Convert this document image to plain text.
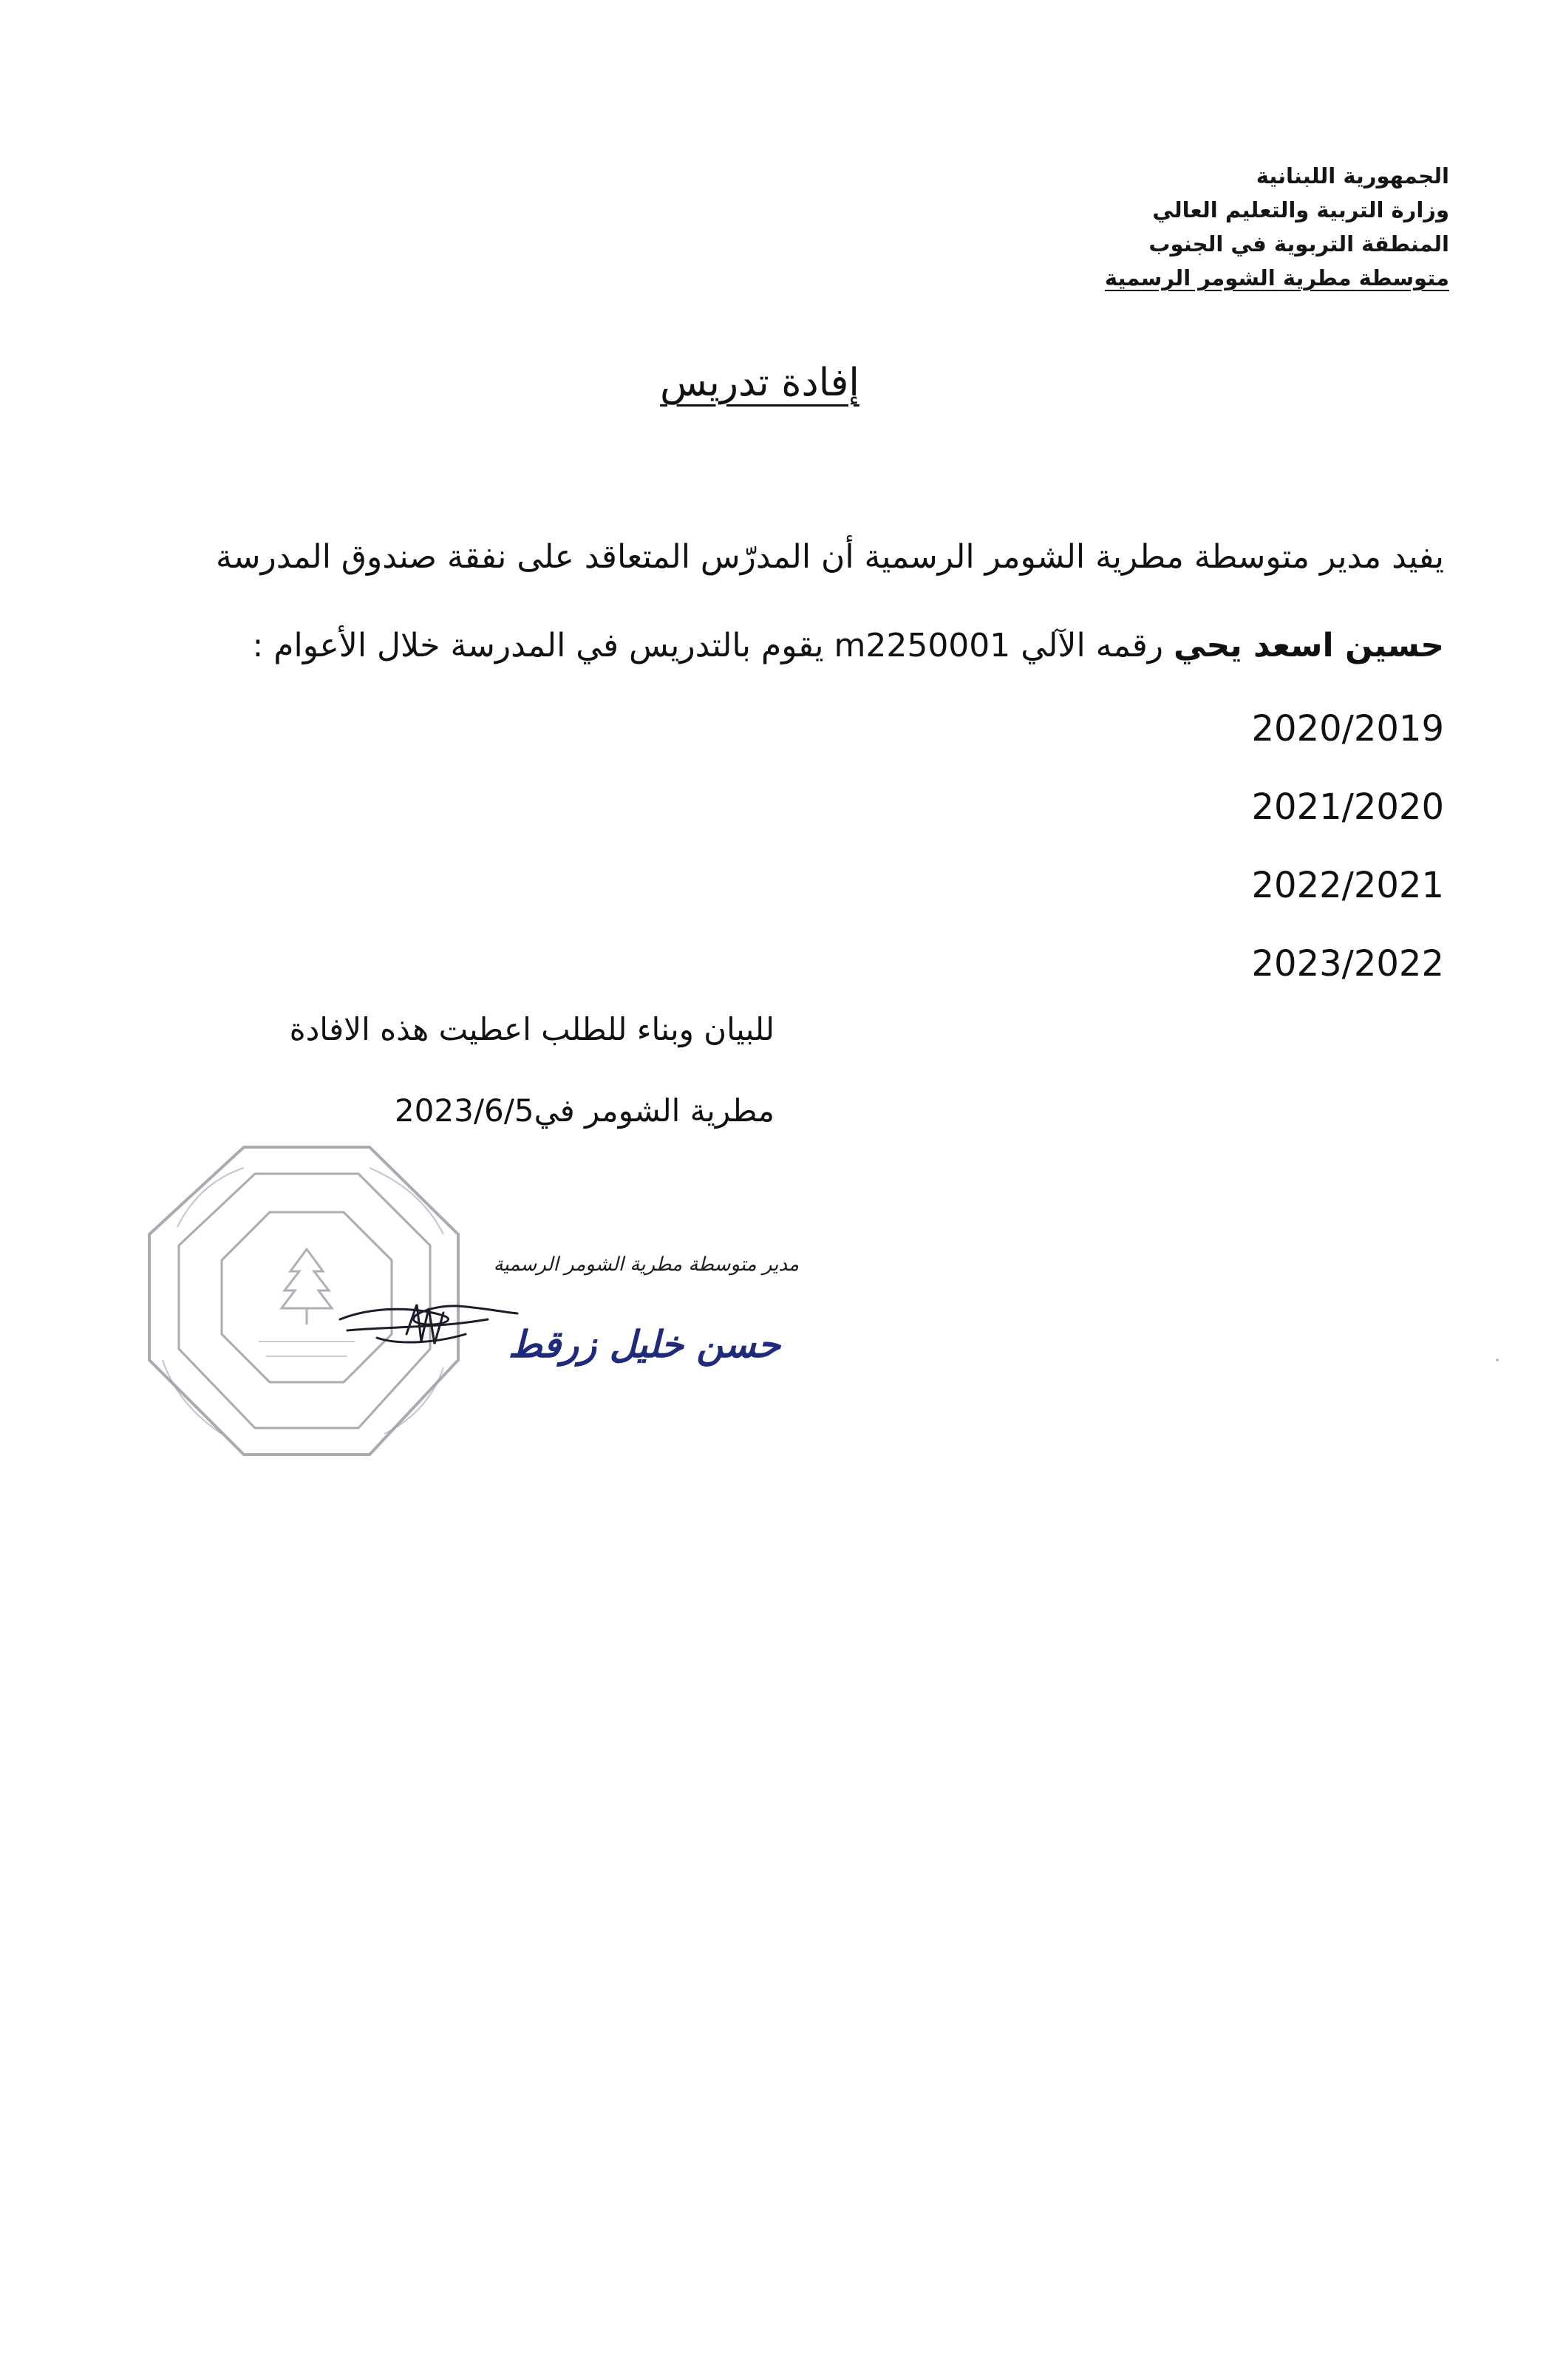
الجمهورية اللبنانية
وزارة التربية والتعليم العالي
المنطقة التربوية في الجنوب
متوسطة مطرية الشومر الرسمية
إفادة تدريس
يفيد مدير متوسطة مطرية الشومر الرسمية أن المدرّس المتعاقد على نفقة صندوق المدرسة
حسين اسعد يحي رقمه الآلي m2250001 يقوم بالتدريس في المدرسة خلال الأعوام :
2020/2019
2021/2020
2022/2021
2023/2022
للبيان وبناء للطلب اعطيت هذه الافادة
مطرية الشومر في2023/6/5
مدير متوسطة مطرية الشومر الرسمية
حسن خليل زرقط
